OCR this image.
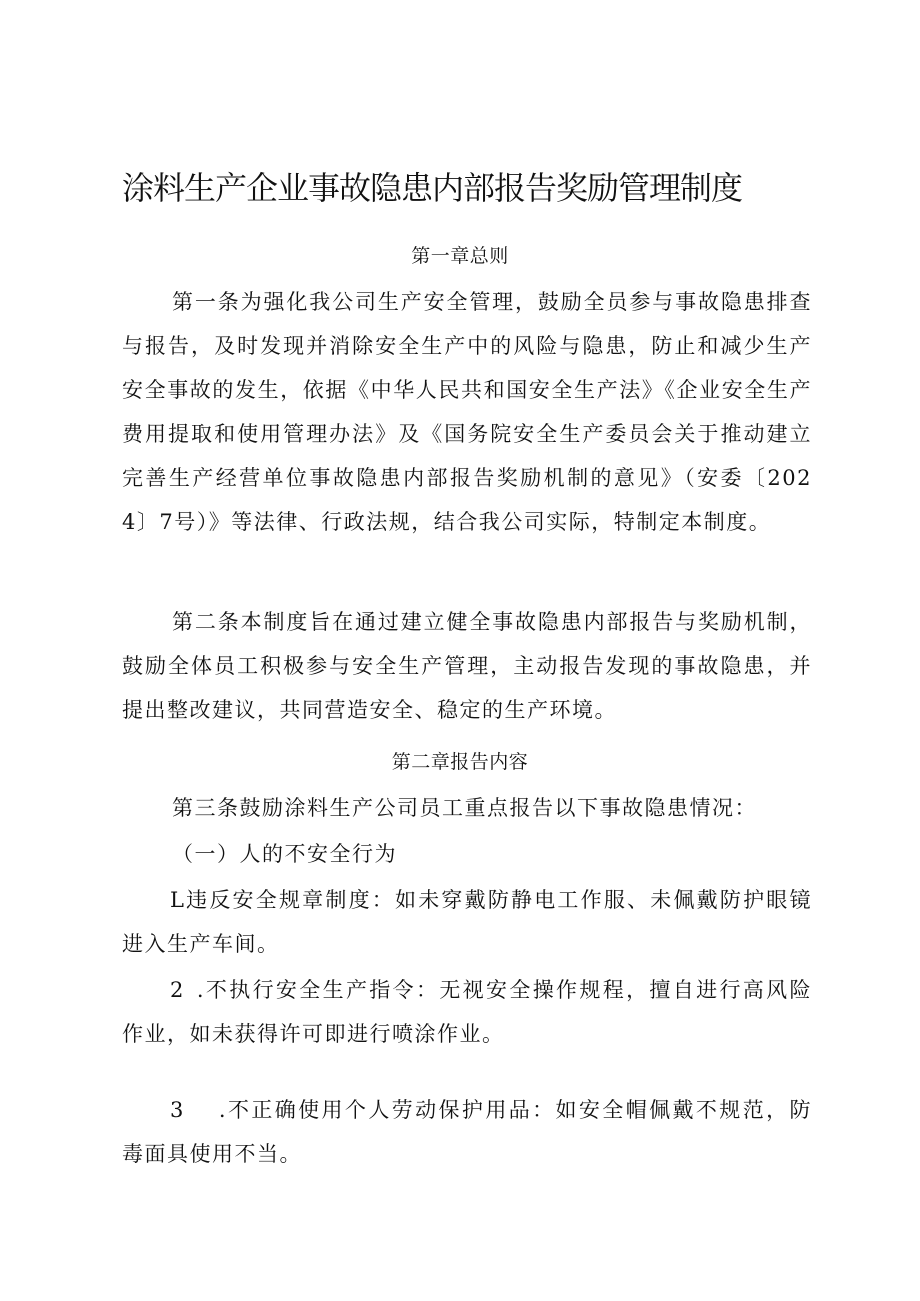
涂料生产企业事故隐患内部报告奖励管理制度
第一章总则
第一条为强化我公司生产安全管理，鼓励全员参与事故隐患排查与报告，及时发现并消除安全生产中的风险与隐患，防止和减少生产安全事故的发生，依据《中华人民共和国安全生产法》《企业安全生产费用提取和使用管理办法》及《国务院安全生产委员会关于推动建立完善生产经营单位事故隐患内部报告奖励机制的意见》（安委〔2024〕7号）》等法律、行政法规，结合我公司实际，特制定本制度。
第二条本制度旨在通过建立健全事故隐患内部报告与奖励机制，鼓励全体员工积极参与安全生产管理，主动报告发现的事故隐患，并提出整改建议，共同营造安全、稳定的生产环境。
第二章报告内容
第三条鼓励涂料生产公司员工重点报告以下事故隐患情况：
（一）人的不安全行为
L违反安全规章制度：如未穿戴防静电工作服、未佩戴防护眼镜进入生产车间。
2 .不执行安全生产指令：无视安全操作规程，擅自进行高风险作业，如未获得许可即进行喷涂作业。
3 .不正确使用个人劳动保护用品：如安全帽佩戴不规范，防毒面具使用不当。
